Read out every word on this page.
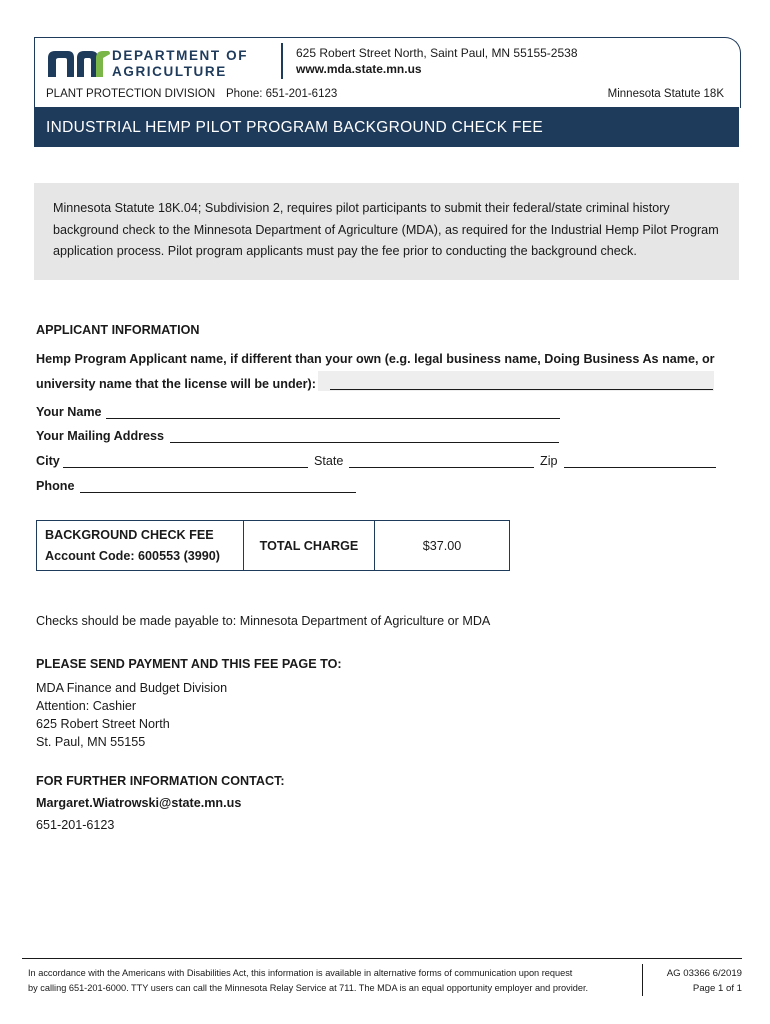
DEPARTMENT OF
AGRICULTURE
625 Robert Street North, Saint Paul, MN 55155-2538
www.mda.state.mn.us
PLANT PROTECTION DIVISION Phone: 651-201-6123	Minnesota Statute 18K
INDUSTRIAL HEMP PILOT PROGRAM BACKGROUND CHECK FEE

Minnesota Statute 18K.04; Subdivision 2, requires pilot participants to submit their federal/state criminal history background check to the Minnesota Department of Agriculture (MDA), as required for the Industrial Hemp Pilot Program application process. Pilot program applicants must pay the fee prior to conducting the background check.

APPLICANT INFORMATION
Hemp Program Applicant name, if different than your own (e.g. legal business name, Doing Business As name, or
university name that the license will be under):
Your Name
Your Mailing Address
City	State	Zip
Phone
BACKGROUND CHECK FEE
Account Code: 600553 (3990)
	TOTAL CHARGE	$37.00
Checks should be made payable to: Minnesota Department of Agriculture or MDA
PLEASE SEND PAYMENT AND THIS FEE PAGE TO:
MDA Finance and Budget Division
Attention: Cashier
625 Robert Street North
St. Paul, MN 55155
FOR FURTHER INFORMATION CONTACT:
Margaret.Wiatrowski@state.mn.us
651-201-6123
In accordance with the Americans with Disabilities Act, this information is available in alternative forms of communication upon request
by calling 651-201-6000. TTY users can call the Minnesota Relay Service at 711. The MDA is an equal opportunity employer and provider.
AG 03366 6/2019
Page 1 of 1
